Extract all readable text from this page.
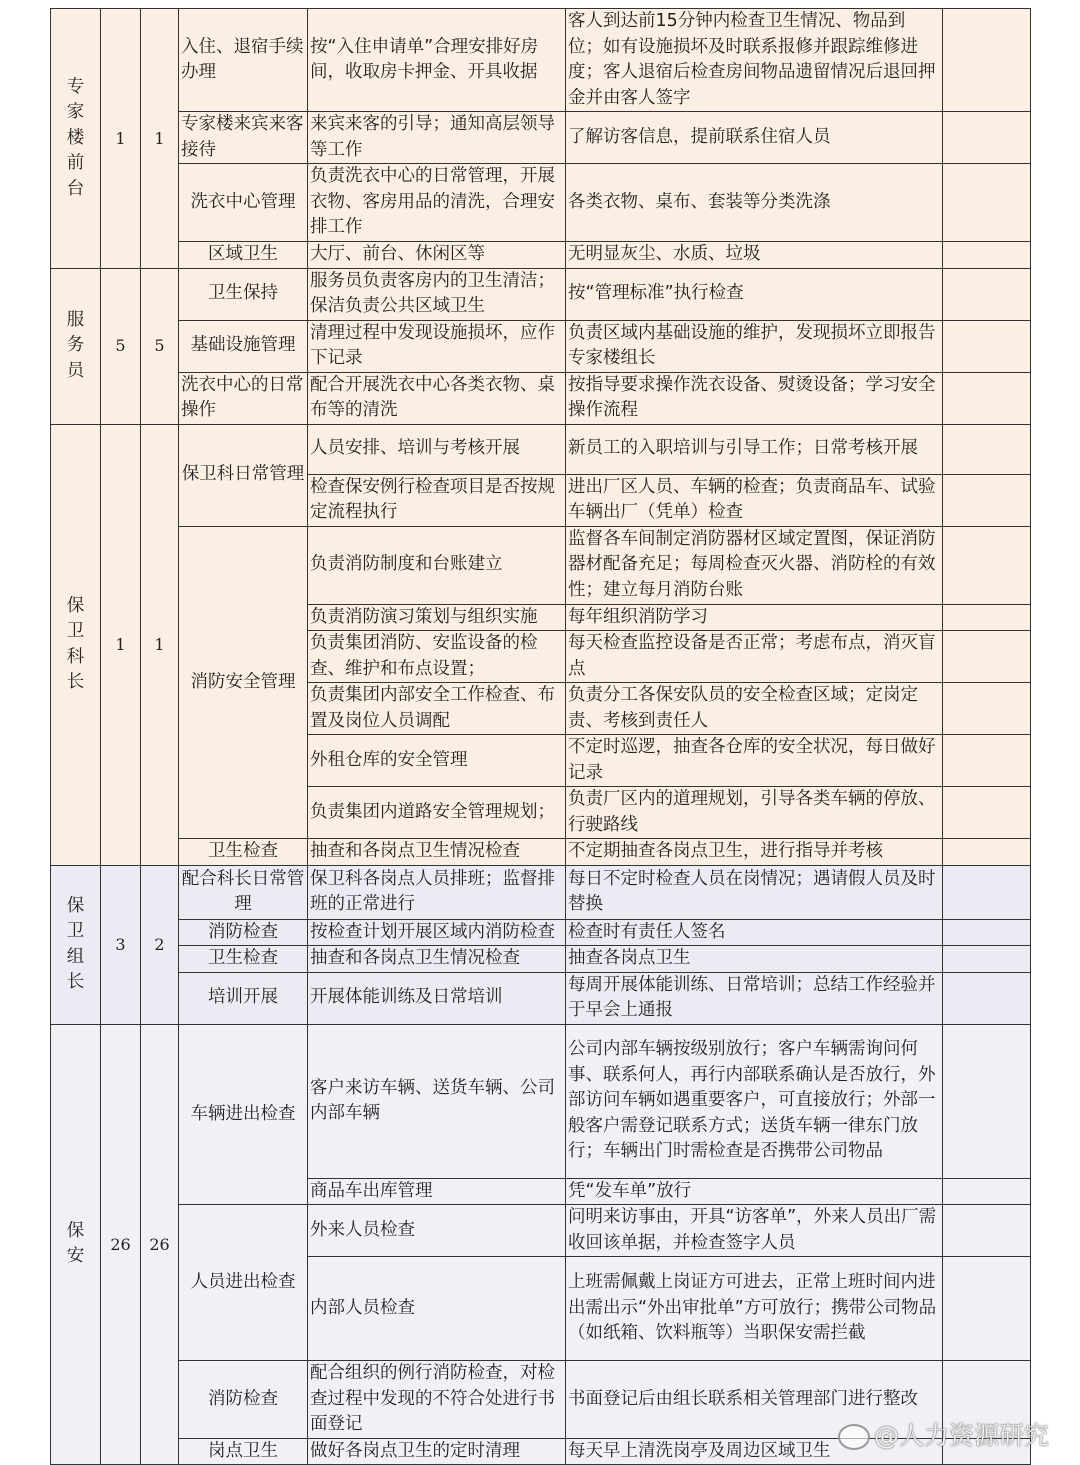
专家楼前台	1	1	入住、退宿手续办理	按“入住申请单”合理安排好房间，收取房卡押金、开具收据	客人到达前15分钟内检查卫生情况、物品到位；如有设施损坏及时联系报修并跟踪维修进度；客人退宿后检查房间物品遗留情况后退回押金并由客人签字	
			专家楼来宾来客接待	来宾来客的引导；通知高层领导等工作	了解访客信息，提前联系住宿人员	
			洗衣中心管理	负责洗衣中心的日常管理，开展衣物、客房用品的清洗，合理安排工作	各类衣物、桌布、套装等分类洗涤	
			区域卫生	大厅、前台、休闲区等	无明显灰尘、水质、垃圾	
服务员	5	5	卫生保持	服务员负责客房内的卫生清洁；保洁负责公共区域卫生	按“管理标准”执行检查	
			基础设施管理	清理过程中发现设施损坏，应作下记录	负责区域内基础设施的维护，发现损坏立即报告专家楼组长	
			洗衣中心的日常操作	配合开展洗衣中心各类衣物、桌布等的清洗	按指导要求操作洗衣设备、熨烫设备；学习安全操作流程	
保卫科长	1	1	保卫科日常管理	人员安排、培训与考核开展	新员工的入职培训与引导工作；日常考核开展	
				检查保安例行检查项目是否按规定流程执行	进出厂区人员、车辆的检查；负责商品车、试验车辆出厂（凭单）检查	
			消防安全管理	负责消防制度和台账建立	监督各车间制定消防器材区域定置图，保证消防器材配备充足；每周检查灭火器、消防栓的有效性；建立每月消防台账	
				负责消防演习策划与组织实施	每年组织消防学习	
				负责集团消防、安监设备的检查、维护和布点设置；	每天检查监控设备是否正常；考虑布点，消灭盲点	
				负责集团内部安全工作检查、布置及岗位人员调配	负责分工各保安队员的安全检查区域；定岗定责、考核到责任人	
				外租仓库的安全管理	不定时巡逻，抽查各仓库的安全状况，每日做好记录	
				负责集团内道路安全管理规划；	负责厂区内的道理规划，引导各类车辆的停放、行驶路线	
			卫生检查	抽查和各岗点卫生情况检查	不定期抽查各岗点卫生，进行指导并考核	
保卫组长	3	2	配合科长日常管理	保卫科各岗点人员排班；监督排班的正常进行	每日不定时检查人员在岗情况；遇请假人员及时替换	
			消防检查	按检查计划开展区域内消防检查	检查时有责任人签名	
			卫生检查	抽查和各岗点卫生情况检查	抽查各岗点卫生	
			培训开展	开展体能训练及日常培训	每周开展体能训练、日常培训；总结工作经验并于早会上通报	
保安	26	26	车辆进出检查	客户来访车辆、送货车辆、公司内部车辆	公司内部车辆按级别放行；客户车辆需询问何事、联系何人，再行内部联系确认是否放行，外部访问车辆如遇重要客户，可直接放行；外部一般客户需登记联系方式；送货车辆一律东门放行；车辆出门时需检查是否携带公司物品	
				商品车出库管理	凭“发车单”放行	
			人员进出检查	外来人员检查	问明来访事由，开具“访客单”，外来人员出厂需收回该单据，并检查签字人员	
				内部人员检查	上班需佩戴上岗证方可进去，正常上班时间内进出需出示“外出审批单”方可放行；携带公司物品（如纸箱、饮料瓶等）当职保安需拦截	
			消防检查	配合组织的例行消防检查，对检查过程中发现的不符合处进行书面登记	书面登记后由组长联系相关管理部门进行整改	
			岗点卫生	做好各岗点卫生的定时清理	每天早上清洗岗亭及周边区域卫生	
@人力资源研究
